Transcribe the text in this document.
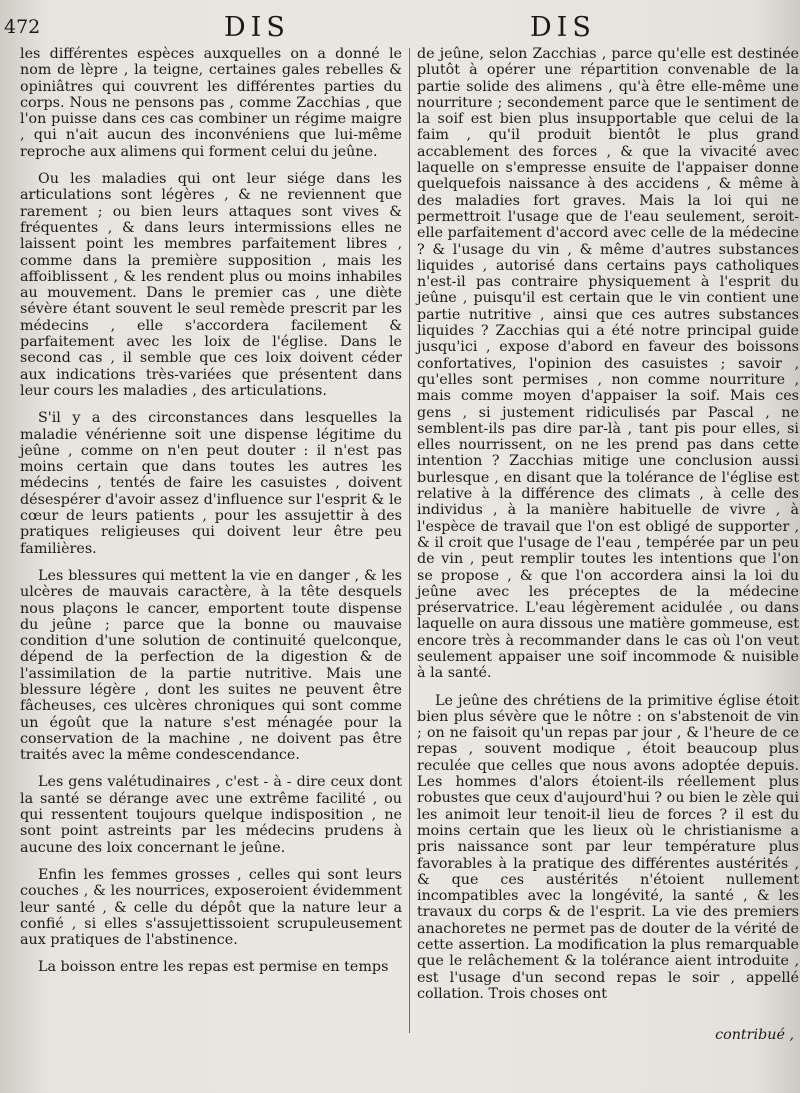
472	DIS	DIS

les différentes espèces auxquelles on a donné le nom de lèpre , la teigne, certaines gales rebelles & opiniâtres qui couvrent les différentes parties du corps. Nous ne pensons pas , comme Zacchias , que l'on puisse dans ces cas combiner un régime maigre , qui n'ait aucun des inconvéniens que lui-même reproche aux alimens qui forment celui du jeûne.

Ou les maladies qui ont leur siége dans les articulations sont légères , & ne reviennent que rarement ; ou bien leurs attaques sont vives & fréquentes , & dans leurs intermissions elles ne laissent point les membres parfaitement libres , comme dans la première supposition , mais les affoiblissent , & les rendent plus ou moins inhabiles au mouvement. Dans le premier cas , une diète sévère étant souvent le seul remède prescrit par les médecins , elle s'accordera facilement & parfaitement avec les loix de l'église. Dans le second cas , il semble que ces loix doivent céder aux indications très-variées que présentent dans leur cours les maladies , des articulations.

S'il y a des circonstances dans lesquelles la maladie vénérienne soit une dispense légitime du jeûne , comme on n'en peut douter : il n'est pas moins certain que dans toutes les autres les médecins , tentés de faire les casuistes , doivent désespérer d'avoir assez d'influence sur l'esprit & le cœur de leurs patients , pour les assujettir à des pratiques religieuses qui doivent leur être peu familières.

Les blessures qui mettent la vie en danger , & les ulcères de mauvais caractère, à la tête desquels nous plaçons le cancer, emportent toute dispense du jeûne ; parce que la bonne ou mauvaise condition d'une solution de continuité quelconque, dépend de la perfection de la digestion & de l'assimilation de la partie nutritive. Mais une blessure légère , dont les suites ne peuvent être fâcheuses, ces ulcères chroniques qui sont comme un égoût que la nature s'est ménagée pour la conservation de la machine , ne doivent pas être traités avec la même condescendance.

Les gens valétudinaires , c'est - à - dire ceux dont la santé se dérange avec une extrême facilité , ou qui ressentent toujours quelque indisposition , ne sont point astreints par les médecins prudens à aucune des loix concernant le jeûne.

Enfin les femmes grosses , celles qui sont leurs couches , & les nourrices, exposeroient évidemment leur santé , & celle du dépôt que la nature leur a confié , si elles s'assujettissoient scrupuleusement aux pratiques de l'abstinence.

La boisson entre les repas est permise en temps

de jeûne, selon Zacchias , parce qu'elle est destinée plutôt à opérer une répartition convenable de la partie solide des alimens , qu'à être elle-même une nourriture ; secondement parce que le sentiment de la soif est bien plus insupportable que celui de la faim , qu'il produit bientôt le plus grand accablement des forces , & que la vivacité avec laquelle on s'empresse ensuite de l'appaiser donne quelquefois naissance à des accidens , & même à des maladies fort graves. Mais la loi qui ne permettroit l'usage que de l'eau seulement, seroit-elle parfaitement d'accord avec celle de la médecine ? & l'usage du vin , & même d'autres substances liquides , autorisé dans certains pays catholiques n'est-il pas contraire physiquement à l'esprit du jeûne , puisqu'il est certain que le vin contient une partie nutritive , ainsi que ces autres substances liquides ? Zacchias qui a été notre principal guide jusqu'ici , expose d'abord en faveur des boissons confortatives, l'opinion des casuistes ; savoir , qu'elles sont permises , non comme nourriture , mais comme moyen d'appaiser la soif. Mais ces gens , si justement ridiculisés par Pascal , ne semblent-ils pas dire par-là , tant pis pour elles, si elles nourrissent, on ne les prend pas dans cette intention ? Zacchias mitige une conclusion aussi burlesque , en disant que la tolérance de l'église est relative à la différence des climats , à celle des individus , à la manière habituelle de vivre , à l'espèce de travail que l'on est obligé de supporter , & il croit que l'usage de l'eau , tempérée par un peu de vin , peut remplir toutes les intentions que l'on se propose , & que l'on accordera ainsi la loi du jeûne avec les préceptes de la médecine préservatrice. L'eau légèrement acidulée , ou dans laquelle on aura dissous une matière gommeuse, est encore très à recommander dans le cas où l'on veut seulement appaiser une soif incommode & nuisible à la santé.

Le jeûne des chrétiens de la primitive église étoit bien plus sévère que le nôtre : on s'abstenoit de vin ; on ne faisoit qu'un repas par jour , & l'heure de ce repas , souvent modique , étoit beaucoup plus reculée que celles que nous avons adoptée depuis. Les hommes d'alors étoient-ils réellement plus robustes que ceux d'aujourd'hui ? ou bien le zèle qui les animoit leur tenoit-il lieu de forces ? il est du moins certain que les lieux où le christianisme a pris naissance sont par leur température plus favorables à la pratique des différentes austérités , & que ces austérités n'étoient nullement incompatibles avec la longévité, la santé , & les travaux du corps & de l'esprit. La vie des premiers anachoretes ne permet pas de douter de la vérité de cette assertion. La modification la plus remarquable que le relâchement & la tolérance aient introduite , est l'usage d'un second repas le soir , appellé collation. Trois choses ont

contribué ,
